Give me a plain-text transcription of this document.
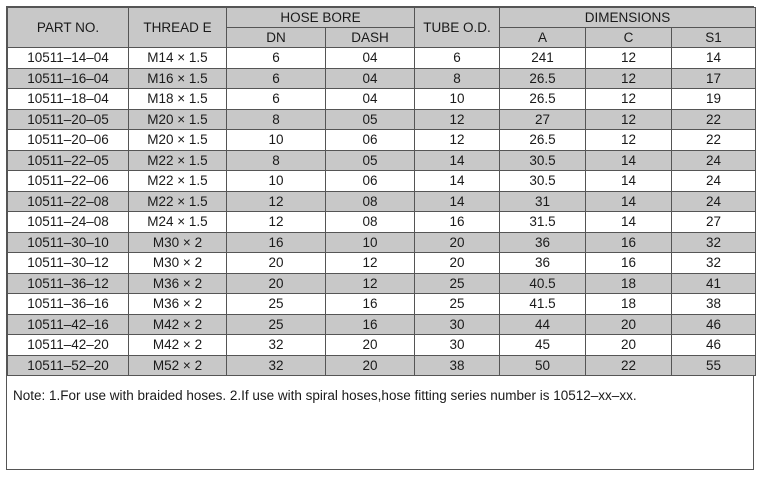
PART NO.	THREAD E	HOSE BORE		TUBE O.D.	DIMENSIONS		
		DN	DASH		A	C	S1
10511–14–04	M14 × 1.5	6	04	6	241	12	14
10511–16–04	M16 × 1.5	6	04	8	26.5	12	17
10511–18–04	M18 × 1.5	6	04	10	26.5	12	19
10511–20–05	M20 × 1.5	8	05	12	27	12	22
10511–20–06	M20 × 1.5	10	06	12	26.5	12	22
10511–22–05	M22 × 1.5	8	05	14	30.5	14	24
10511–22–06	M22 × 1.5	10	06	14	30.5	14	24
10511–22–08	M22 × 1.5	12	08	14	31	14	24
10511–24–08	M24 × 1.5	12	08	16	31.5	14	27
10511–30–10	M30 × 2	16	10	20	36	16	32
10511–30–12	M30 × 2	20	12	20	36	16	32
10511–36–12	M36 × 2	20	12	25	40.5	18	41
10511–36–16	M36 × 2	25	16	25	41.5	18	38
10511–42–16	M42 × 2	25	16	30	44	20	46
10511–42–20	M42 × 2	32	20	30	45	20	46
10511–52–20	M52 × 2	32	20	38	50	22	55
Note: 1.For use with braided hoses. 2.If use with spiral hoses,hose fitting series number is 10512–xx–xx.
